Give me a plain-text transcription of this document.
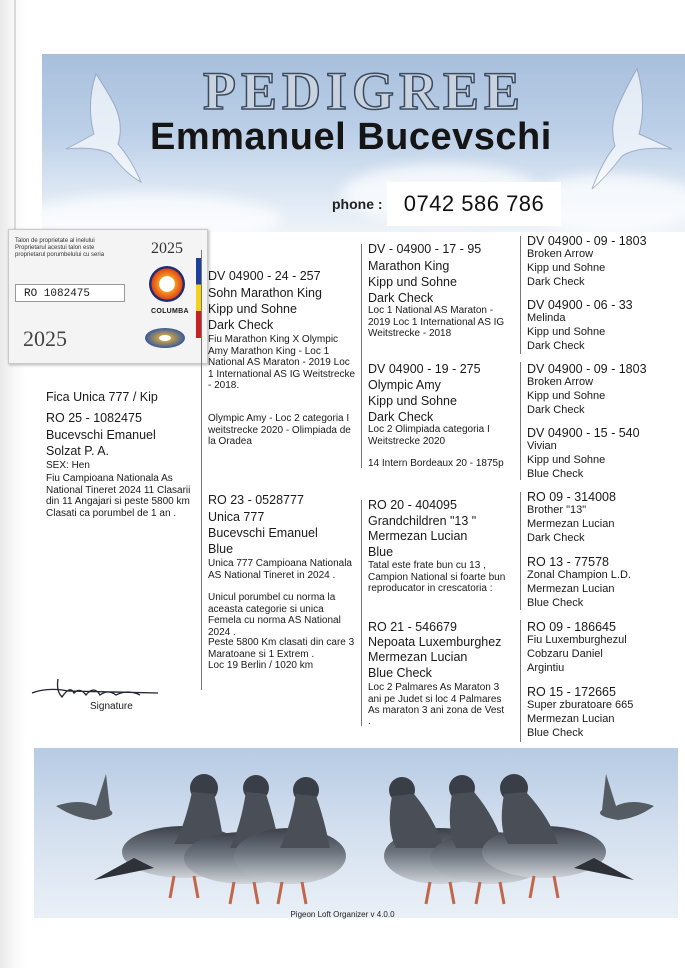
PEDIGREE
Emmanuel Bucevschi
phone : 0742 586 786
Talon de proprietate al inelului
Proprietarul acestui talon este
proprietarul porumbelului cu seria
RO 1082475
2025
2025
COLUMBA
Fica Unica 777 / Kip
RO 25 - 1082475
Bucevschi Emanuel
Solzat P. A.
SEX: Hen
Fiu Campioana Nationala As National Tineret 2024 11 Clasarii din 11 Angajari si peste 5800 km Clasati ca porumbel de 1 an .
Signature
DV 04900 - 24 - 257
Sohn Marathon King
Kipp und Sohne
Dark Check
Fiu Marathon King X Olympic Amy Marathon King - Loc 1 National AS Maraton - 2019 Loc 1 International AS IG Weitstrecke - 2018.
Olympic Amy - Loc 2 categoria I weitstrecke 2020 - Olimpiada de la Oradea
RO 23 - 0528777
Unica 777
Bucevschi Emanuel
Blue
Unica 777 Campioana Nationala AS National Tineret in 2024 .
Unicul porumbel cu norma la aceasta categorie si unica Femela cu norma AS National 2024 .
Peste 5800 Km clasati din care 3 Maratoane si 1 Extrem .
Loc 19 Berlin / 1020 km
DV - 04900 - 17 - 95
Marathon King
Kipp und Sohne
Dark Check
Loc 1 National AS Maraton - 2019 Loc 1 International AS IG Weitstrecke - 2018
DV 04900 - 19 - 275
Olympic Amy
Kipp und Sohne
Dark Check
Loc 2 Olimpiada categoria I Weitstrecke 2020
14 Intern Bordeaux 20 - 1875p
RO 20 - 404095
Grandchildren "13 "
Mermezan Lucian
Blue
Tatal este frate bun cu 13 , Campion National si foarte bun reproducator in crescatoria :
RO 21 - 546679
Nepoata Luxemburghez
Mermezan Lucian
Blue Check
Loc 2 Palmares As Maraton 3 ani pe Judet si loc 4 Palmares As maraton 3 ani zona de Vest
.
DV 04900 - 09 - 1803
Broken Arrow
Kipp und Sohne
Dark Check
DV 04900 - 06 - 33
Melinda
Kipp und Sohne
Dark Check
DV 04900 - 09 - 1803
Broken Arrow
Kipp und Sohne
Dark Check
DV 04900 - 15 - 540
Vivian
Kipp und Sohne
Blue Check
RO 09 - 314008
Brother "13"
Mermezan Lucian
Dark Check
RO 13 - 77578
Zonal Champion L.D.
Mermezan Lucian
Blue Check
RO 09 - 186645
Fiu Luxemburghezul
Cobzaru Daniel
Argintiu
RO 15 - 172665
Super zburatoare 665
Mermezan Lucian
Blue Check
Pigeon Loft Organizer v 4.0.0
